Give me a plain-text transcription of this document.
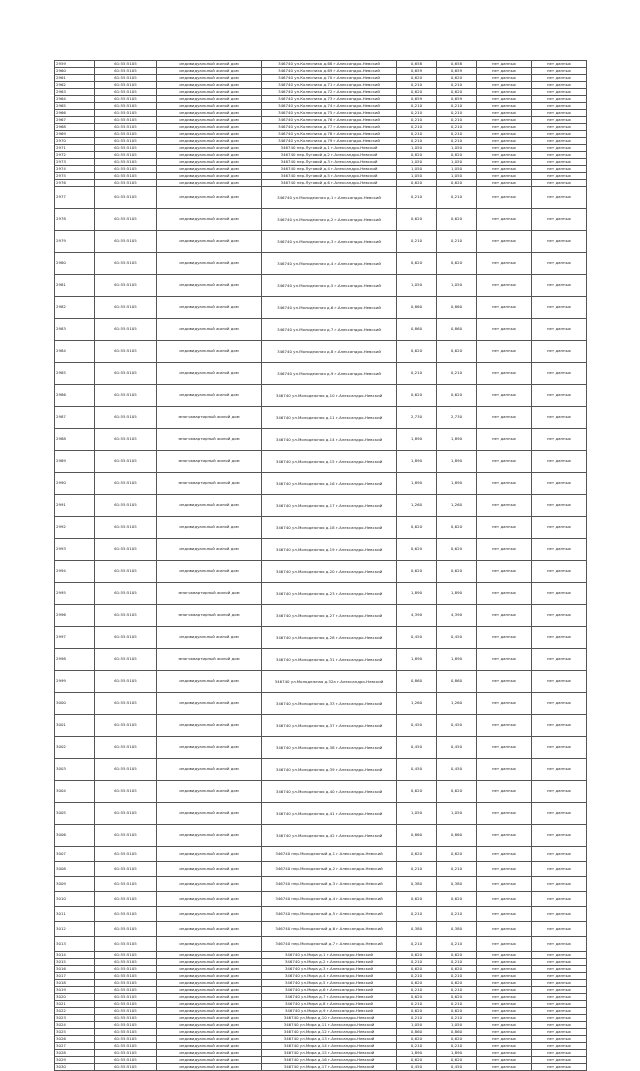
2959	61:55:5105	индивидуальный жилой дом	346740 ул.Колесника д.68 г.Александро-Невский	0,658	0,658	нет данных	нет данных
2960	61:55:5105	индивидуальный жилой дом	346740 ул.Колесника д.69 г.Александро-Невский	0,659	0,659	нет данных	нет данных
2961	61:55:5105	индивидуальный жилой дом	346740 ул.Колесника д.70 г.Александро-Невский	0,620	0,620	нет данных	нет данных
2962	61:55:5105	индивидуальный жилой дом	346740 ул.Колесника д.71 г.Александро-Невский	0,210	0,210	нет данных	нет данных
2963	61:55:5105	индивидуальный жилой дом	346740 ул.Колесника д.72 г.Александро-Невский	0,620	0,620	нет данных	нет данных
2964	61:55:5105	индивидуальный жилой дом	346740 ул.Колесника д.73 г.Александро-Невский	0,659	0,659	нет данных	нет данных
2965	61:55:5105	индивидуальный жилой дом	346740 ул.Колесника д.74 г.Александро-Невский	0,210	0,210	нет данных	нет данных
2966	61:55:5105	индивидуальный жилой дом	346740 ул.Колесника д.75 г.Александро-Невский	0,210	0,210	нет данных	нет данных
2967	61:55:5105	индивидуальный жилой дом	346740 ул.Колесника д.76 г.Александро-Невский	0,210	0,210	нет данных	нет данных
2968	61:55:5105	индивидуальный жилой дом	346740 ул.Колесника д.77 г.Александро-Невский	0,210	0,210	нет данных	нет данных
2969	61:55:5105	индивидуальный жилой дом	346740 ул.Колесника д.78 г.Александро-Невский	0,210	0,210	нет данных	нет данных
2970	61:55:5105	индивидуальный жилой дом	346740 ул.Колесника д.79 г.Александро-Невский	0,210	0,210	нет данных	нет данных
2971	61:55:5105	индивидуальный жилой дом	346740 пер.Луговой д.1 г.Александро-Невский	1,050	1,050	нет данных	нет данных
2972	61:55:5105	индивидуальный жилой дом	346740 пер.Луговой д.2 г.Александро-Невский	0,820	0,820	нет данных	нет данных
2973	61:55:5105	индивидуальный жилой дом	346740 пер.Луговой д.3 г.Александро-Невский	1,050	1,050	нет данных	нет данных
2974	61:55:5105	индивидуальный жилой дом	346740 пер.Луговой д.4 г.Александро-Невский	1,050	1,050	нет данных	нет данных
2975	61:55:5105	индивидуальный жилой дом	346740 пер.Луговой д.5 г.Александро-Невский	1,050	1,050	нет данных	нет данных
2976	61:55:5105	индивидуальный жилой дом	346740 пер.Луговой д.6 г.Александро-Невский	0,620	0,620	нет данных	нет данных
2977	61:55:5105	индивидуальный жилой дом	346740 ул.Молодежная д.1 г.Александро-Невский	0,210	0,210	нет данных	нет данных
2978	61:55:5105	индивидуальный жилой дом	346740 ул.Молодежная д.2 г.Александро-Невский	0,620	0,620	нет данных	нет данных
2979	61:55:5105	индивидуальный жилой дом	346740 ул.Молодежная д.3 г.Александро-Невский	0,210	0,210	нет данных	нет данных
2980	61:55:5105	индивидуальный жилой дом	346740 ул.Молодежная д.4 г.Александро-Невский	0,620	0,620	нет данных	нет данных
2981	61:55:5105	индивидуальный жилой дом	346740 ул.Молодежная д.5 г.Александро-Невский	1,050	1,050	нет данных	нет данных
2982	61:55:5105	индивидуальный жилой дом	346740 ул.Молодежная д.6 г.Александро-Невский	0,860	0,860	нет данных	нет данных
2983	61:55:5105	индивидуальный жилой дом	346740 ул.Молодежная д.7 г.Александро-Невский	0,860	0,860	нет данных	нет данных
2984	61:55:5105	индивидуальный жилой дом	346740 ул.Молодежная д.8 г.Александро-Невский	0,620	0,620	нет данных	нет данных
2985	61:55:5105	индивидуальный жилой дом	346740 ул.Молодежная д.9 г.Александро-Невский	0,210	0,210	нет данных	нет данных
2986	61:55:5105	индивидуальный жилой дом	346740 ул.Молодежная д.10 г.Александро-Невский	0,620	0,620	нет данных	нет данных
2987	61:55:5105	многоквартирный жилой дом	346740 ул.Молодежная д.11 г.Александро-Невский	2,730	2,730	нет данных	нет данных
2988	61:55:5105	многоквартирный жилой дом	346740 ул.Молодежная д.14 г.Александро-Невский	1,890	1,890	нет данных	нет данных
2989	61:55:5105	многоквартирный жилой дом	346740 ул.Молодежная д.15 г.Александро-Невский	1,890	1,890	нет данных	нет данных
2990	61:55:5105	многоквартирный жилой дом	346740 ул.Молодежная д.16 г.Александро-Невский	1,890	1,890	нет данных	нет данных
2991	61:55:5105	индивидуальный жилой дом	346740 ул.Молодежная д.17 г.Александро-Невский	1,260	1,260	нет данных	нет данных
2992	61:55:5105	индивидуальный жилой дом	346740 ул.Молодежная д.18 г.Александро-Невский	0,620	0,620	нет данных	нет данных
2993	61:55:5105	индивидуальный жилой дом	346740 ул.Молодежная д.19 г.Александро-Невский	0,620	0,620	нет данных	нет данных
2994	61:55:5105	индивидуальный жилой дом	346740 ул.Молодежная д.20 г.Александро-Невский	0,620	0,620	нет данных	нет данных
2995	61:55:5105	многоквартирный жилой дом	346740 ул.Молодежная д.23 г.Александро-Невский	1,890	1,890	нет данных	нет данных
2996	61:55:5105	многоквартирный жилой дом	346740 ул.Молодежная д.27 г.Александро-Невский	4,390	4,390	нет данных	нет данных
2997	61:55:5105	индивидуальный жилой дом	346740 ул.Молодежная д.28 г.Александро-Невский	0,450	0,450	нет данных	нет данных
2998	61:55:5105	многоквартирный жилой дом	346740 ул.Молодежная д.31 г.Александро-Невский	1,890	1,890	нет данных	нет данных
2999	61:55:5105	индивидуальный жилой дом	346740 ул.Молодежная д.32а г.Александро-Невский	0,860	0,860	нет данных	нет данных
3000	61:55:5105	индивидуальный жилой дом	346740 ул.Молодежная д.33 г.Александро-Невский	1,260	1,260	нет данных	нет данных
3001	61:55:5105	индивидуальный жилой дом	346740 ул.Молодежная д.37 г.Александро-Невский	0,450	0,450	нет данных	нет данных
3002	61:55:5105	индивидуальный жилой дом	346740 ул.Молодежная д.38 г.Александро-Невский	0,450	0,450	нет данных	нет данных
3003	61:55:5105	индивидуальный жилой дом	346740 ул.Молодежная д.39 г.Александро-Невский	0,450	0,450	нет данных	нет данных
3004	61:55:5105	индивидуальный жилой дом	346740 ул.Молодежная д.40 г.Александро-Невский	0,620	0,620	нет данных	нет данных
3005	61:55:5105	индивидуальный жилой дом	346740 ул.Молодежная д.41 г.Александро-Невский	1,050	1,050	нет данных	нет данных
3006	61:55:5105	индивидуальный жилой дом	346740 ул.Молодежная д.42 г.Александро-Невский	0,860	0,860	нет данных	нет данных
3007	61:55:5105	индивидуальный жилой дом	346740 пер.Молодежный д.1 г.Александро-Невский	0,620	0,620	нет данных	нет данных
3008	61:55:5105	индивидуальный жилой дом	346740 пер.Молодежный д.2 г.Александро-Невский	0,210	0,210	нет данных	нет данных
3009	61:55:5105	индивидуальный жилой дом	346740 пер.Молодежный д.3 г.Александро-Невский	0,380	0,380	нет данных	нет данных
3010	61:55:5105	индивидуальный жилой дом	346740 пер.Молодежный д.4 г.Александро-Невский	0,620	0,620	нет данных	нет данных
3011	61:55:5105	индивидуальный жилой дом	346740 пер.Молодежный д.5 г.Александро-Невский	0,210	0,210	нет данных	нет данных
3012	61:55:5105	индивидуальный жилой дом	346740 пер.Молодежный д.6 г.Александро-Невский	0,380	0,380	нет данных	нет данных
3013	61:55:5105	индивидуальный жилой дом	346740 пер.Молодежный д.7 г.Александро-Невский	0,210	0,210	нет данных	нет данных
3014	61:55:5105	индивидуальный жилой дом	346740 ул.Мира д.1 г.Александро-Невский	0,620	0,620	нет данных	нет данных
3015	61:55:5105	индивидуальный жилой дом	346740 ул.Мира д.2 г.Александро-Невский	0,210	0,210	нет данных	нет данных
3016	61:55:5105	индивидуальный жилой дом	346740 ул.Мира д.3 г.Александро-Невский	0,620	0,620	нет данных	нет данных
3017	61:55:5105	индивидуальный жилой дом	346740 ул.Мира д.4 г.Александро-Невский	0,210	0,210	нет данных	нет данных
3018	61:55:5105	индивидуальный жилой дом	346740 ул.Мира д.5 г.Александро-Невский	0,620	0,620	нет данных	нет данных
3019	61:55:5105	индивидуальный жилой дом	346740 ул.Мира д.6 г.Александро-Невский	0,210	0,210	нет данных	нет данных
3020	61:55:5105	индивидуальный жилой дом	346740 ул.Мира д.7 г.Александро-Невский	0,620	0,620	нет данных	нет данных
3021	61:55:5105	индивидуальный жилой дом	346740 ул.Мира д.8 г.Александро-Невский	0,210	0,210	нет данных	нет данных
3022	61:55:5105	индивидуальный жилой дом	346740 ул.Мира д.9 г.Александро-Невский	0,620	0,620	нет данных	нет данных
3023	61:55:5105	индивидуальный жилой дом	346740 ул.Мира д.10 г.Александро-Невский	0,210	0,210	нет данных	нет данных
3024	61:55:5105	индивидуальный жилой дом	346740 ул.Мира д.11 г.Александро-Невский	1,050	1,050	нет данных	нет данных
3025	61:55:5105	индивидуальный жилой дом	346740 ул.Мира д.12 г.Александро-Невский	0,860	0,860	нет данных	нет данных
3026	61:55:5105	индивидуальный жилой дом	346740 ул.Мира д.13 г.Александро-Невский	0,620	0,620	нет данных	нет данных
3027	61:55:5105	индивидуальный жилой дом	346740 ул.Мира д.14 г.Александро-Невский	0,210	0,210	нет данных	нет данных
3028	61:55:5105	индивидуальный жилой дом	346740 ул.Мира д.15 г.Александро-Невский	1,890	1,890	нет данных	нет данных
3029	61:55:5105	индивидуальный жилой дом	346740 ул.Мира д.16 г.Александро-Невский	0,620	0,620	нет данных	нет данных
3030	61:55:5105	индивидуальный жилой дом	346740 ул.Мира д.17 г.Александро-Невский	0,450	0,450	нет данных	нет данных
